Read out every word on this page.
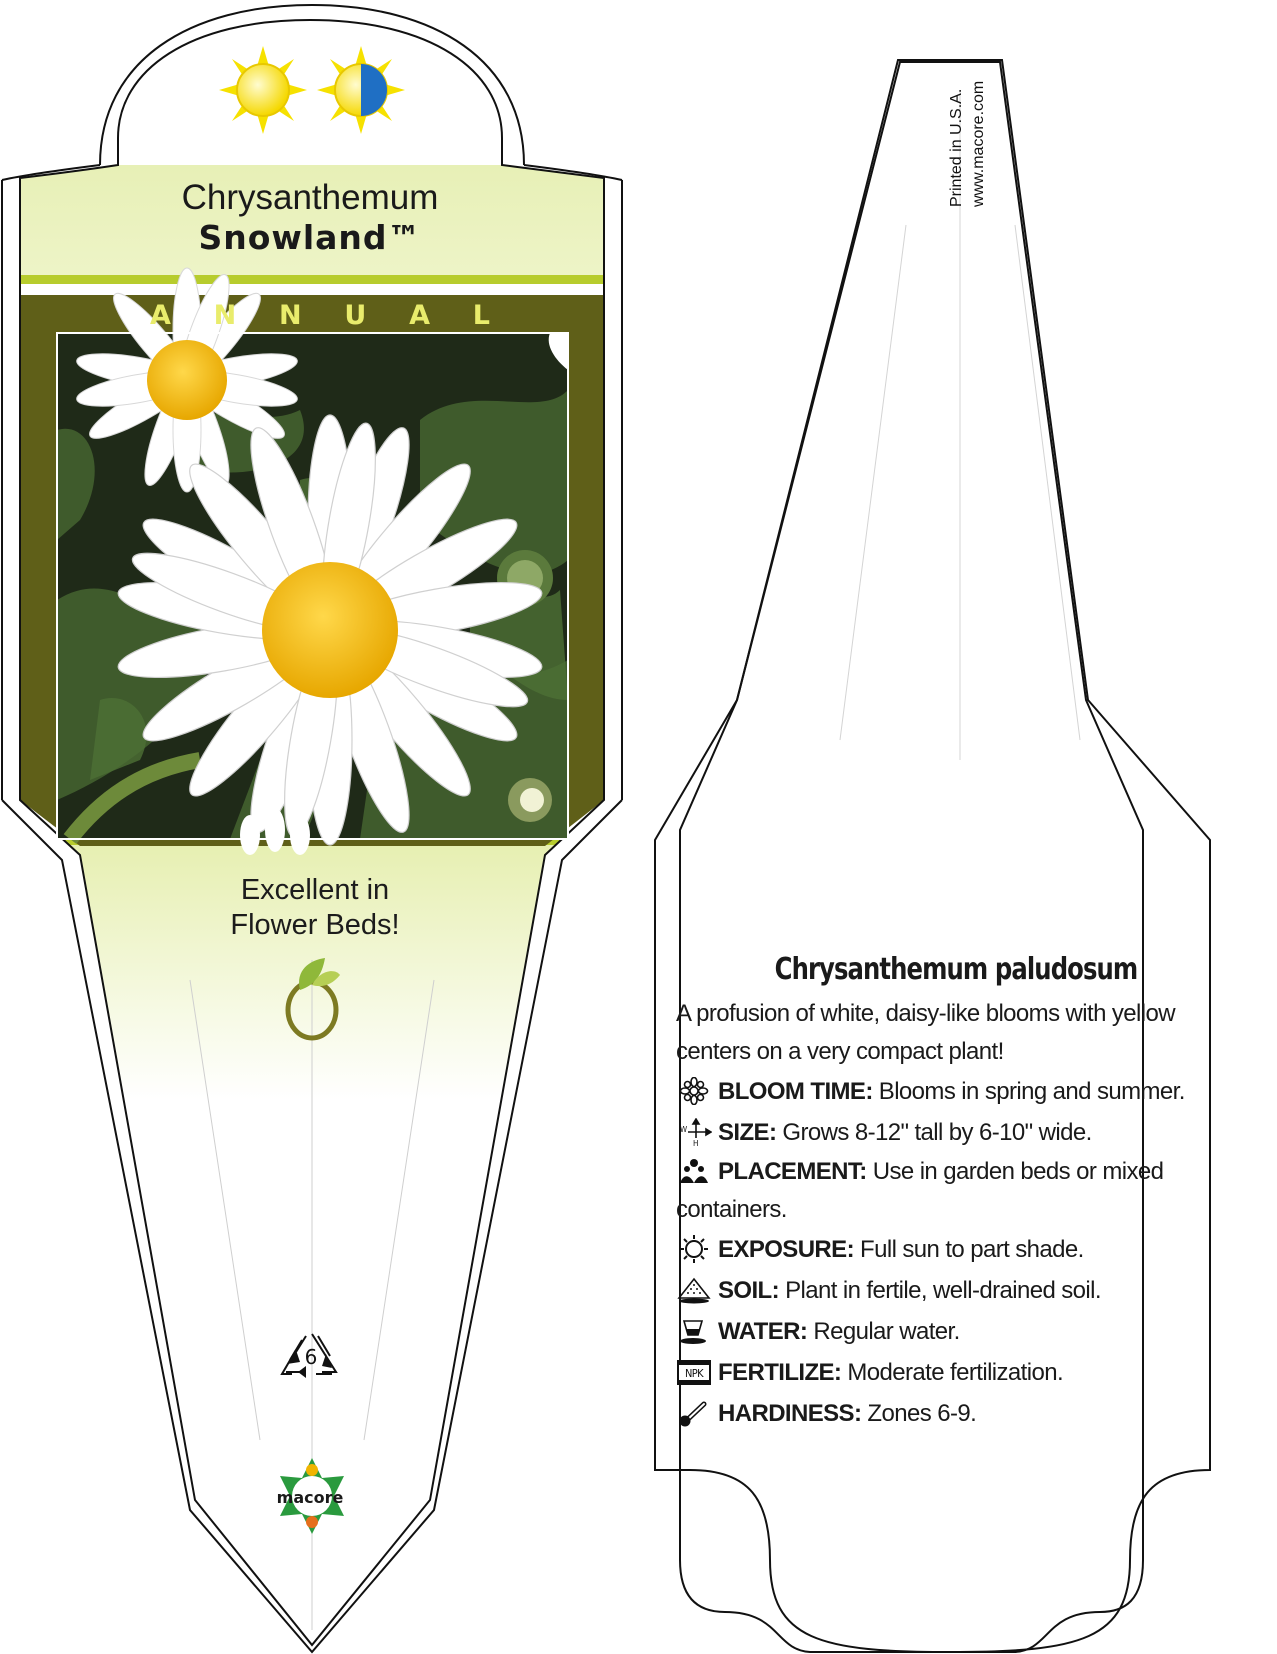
Chrysanthemum
Snowland™
A N N U A L
Excellent in
Flower Beds!
6
macore
Printed in U.S.A. www.macore.com
Chrysanthemum paludosum
A profusion of white, daisy-like blooms with yellow centers on a very compact plant!
BLOOM TIME: Blooms in spring and summer.
W
H SIZE: Grows 8-12" tall by 6-10" wide.
PLACEMENT: Use in garden beds or mixed containers.
EXPOSURE: Full sun to part shade.
SOIL: Plant in fertile, well-drained soil.
WATER: Regular water.
NPK FERTILIZE: Moderate fertilization.
HARDINESS: Zones 6-9.
